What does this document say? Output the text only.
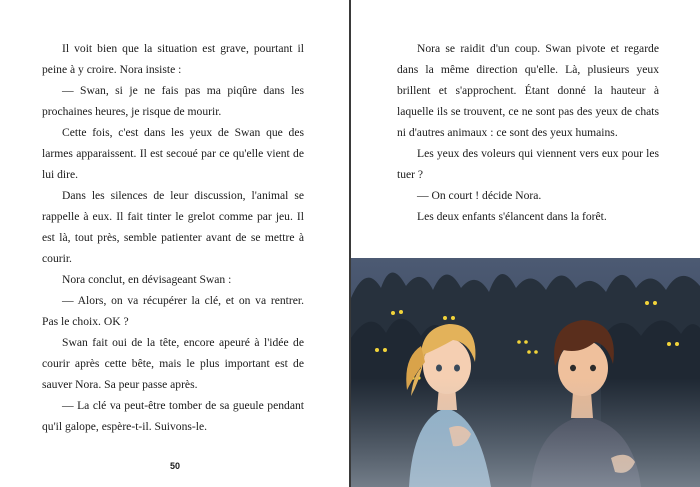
Il voit bien que la situation est grave, pourtant il peine à y croire. Nora insiste :

— Swan, si je ne fais pas ma piqûre dans les prochaines heures, je risque de mourir.

Cette fois, c'est dans les yeux de Swan que des larmes apparaissent. Il est secoué par ce qu'elle vient de lui dire.

Dans les silences de leur discussion, l'animal se rappelle à eux. Il fait tinter le grelot comme par jeu. Il est là, tout près, semble patienter avant de se mettre à courir.

Nora conclut, en dévisageant Swan :

— Alors, on va récupérer la clé, et on va rentrer. Pas le choix. OK ?

Swan fait oui de la tête, encore apeuré à l'idée de courir après cette bête, mais le plus important est de sauver Nora. Sa peur passe après.

— La clé va peut-être tomber de sa gueule pendant qu'il galope, espère-t-il. Suivons-le.

50

Nora se raidit d'un coup. Swan pivote et regarde dans la même direction qu'elle. Là, plusieurs yeux brillent et s'approchent. Étant donné la hauteur à laquelle ils se trouvent, ce ne sont pas des yeux de chats ni d'autres animaux : ce sont des yeux humains.

Les yeux des voleurs qui viennent vers eux pour les tuer ?

— On court ! décide Nora.

Les deux enfants s'élancent dans la forêt.
